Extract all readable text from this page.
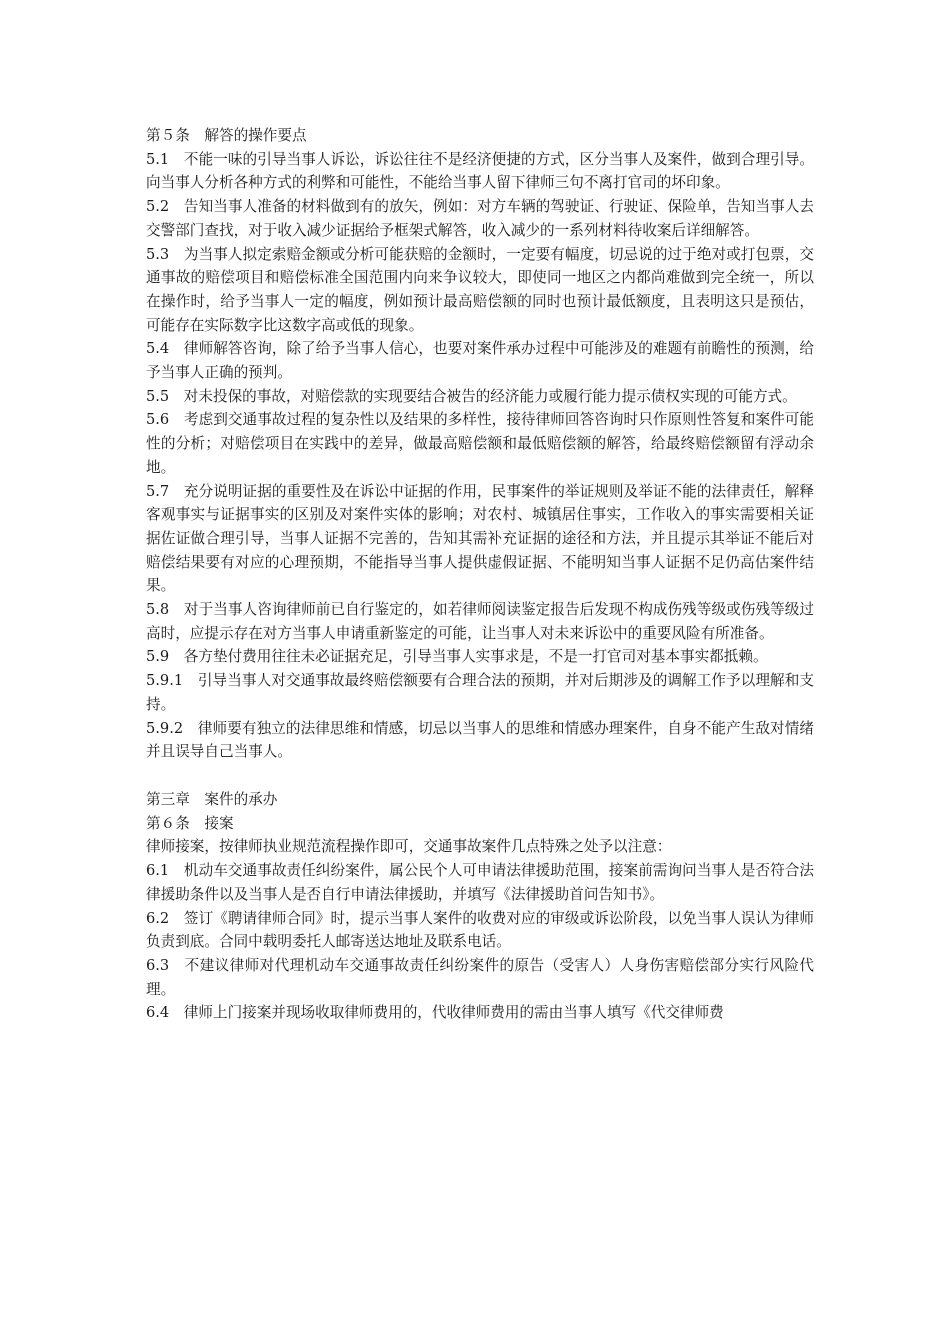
第５条　解答的操作要点

5.1　不能一味的引导当事人诉讼，诉讼往往不是经济便捷的方式，区分当事人及案件，做到合理引导。向当事人分析各种方式的利弊和可能性，不能给当事人留下律师三句不离打官司的坏印象。

5.2　告知当事人准备的材料做到有的放矢，例如：对方车辆的驾驶证、行驶证、保险单，告知当事人去交警部门查找，对于收入减少证据给予框架式解答，收入减少的一系列材料待收案后详细解答。

5.3　为当事人拟定索赔金额或分析可能获赔的金额时，一定要有幅度，切忌说的过于绝对或打包票，交通事故的赔偿项目和赔偿标准全国范围内向来争议较大，即使同一地区之内都尚难做到完全统一，所以在操作时，给予当事人一定的幅度，例如预计最高赔偿额的同时也预计最低额度，且表明这只是预估，可能存在实际数字比这数字高或低的现象。

5.4　律师解答咨询，除了给予当事人信心，也要对案件承办过程中可能涉及的难题有前瞻性的预测，给予当事人正确的预判。

5.5　对未投保的事故，对赔偿款的实现要结合被告的经济能力或履行能力提示债权实现的可能方式。

5.6　考虑到交通事故过程的复杂性以及结果的多样性，接待律师回答咨询时只作原则性答复和案件可能性的分析；对赔偿项目在实践中的差异，做最高赔偿额和最低赔偿额的解答，给最终赔偿额留有浮动余地。

5.7　充分说明证据的重要性及在诉讼中证据的作用，民事案件的举证规则及举证不能的法律责任，解释客观事实与证据事实的区别及对案件实体的影响；对农村、城镇居住事实，工作收入的事实需要相关证据佐证做合理引导，当事人证据不完善的，告知其需补充证据的途径和方法，并且提示其举证不能后对赔偿结果要有对应的心理预期，不能指导当事人提供虚假证据、不能明知当事人证据不足仍高估案件结果。

5.8　对于当事人咨询律师前已自行鉴定的，如若律师阅读鉴定报告后发现不构成伤残等级或伤残等级过高时，应提示存在对方当事人申请重新鉴定的可能，让当事人对未来诉讼中的重要风险有所准备。

5.9　各方垫付费用往往未必证据充足，引导当事人实事求是，不是一打官司对基本事实都抵赖。

5.9.1　引导当事人对交通事故最终赔偿额要有合理合法的预期，并对后期涉及的调解工作予以理解和支持。

5.9.2　律师要有独立的法律思维和情感，切忌以当事人的思维和情感办理案件，自身不能产生敌对情绪并且误导自己当事人。

第三章　案件的承办

第６条　接案

律师接案，按律师执业规范流程操作即可，交通事故案件几点特殊之处予以注意：

6.1　机动车交通事故责任纠纷案件，属公民个人可申请法律援助范围，接案前需询问当事人是否符合法律援助条件以及当事人是否自行申请法律援助，并填写《法律援助首问告知书》。

6.2　签订《聘请律师合同》时，提示当事人案件的收费对应的审级或诉讼阶段，以免当事人误认为律师负责到底。合同中载明委托人邮寄送达地址及联系电话。

6.3　不建议律师对代理机动车交通事故责任纠纷案件的原告（受害人）人身伤害赔偿部分实行风险代理。

6.4　律师上门接案并现场收取律师费用的，代收律师费用的需由当事人填写《代交律师费
